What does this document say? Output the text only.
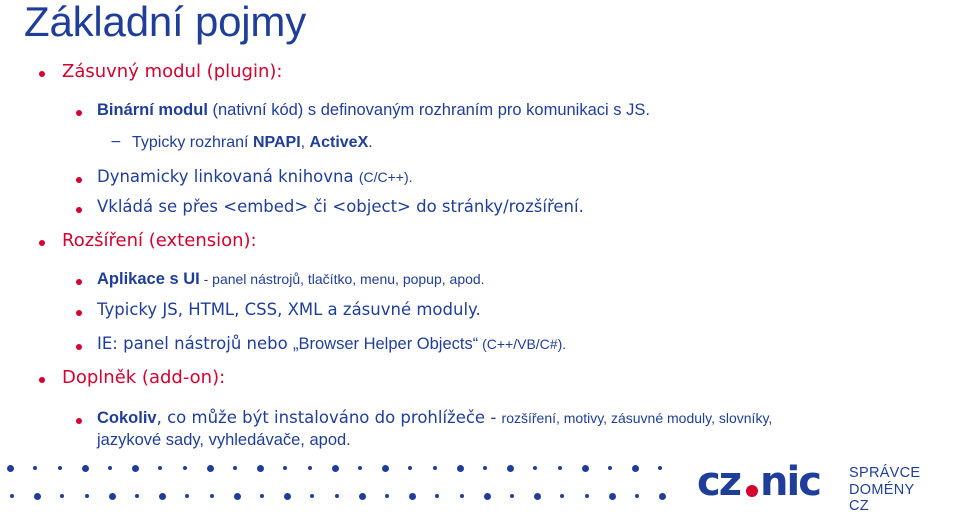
Základní pojmy
Zásuvný modul (plugin):
Binární modul (nativní kód) s definovaným rozhraním pro komunikaci s JS.
− Typicky rozhraní NPAPI, ActiveX.
Dynamicky linkovaná knihovna (C/C++).
Vkládá se přes <embed> či <object> do stránky/rozšíření.
Rozšíření (extension):
Aplikace s UI - panel nástrojů, tlačítko, menu, popup, apod.
Typicky JS, HTML, CSS, XML a zásuvné moduly.
IE: panel nástrojů nebo „Browser Helper Objects“ (C++/VB/C#).
Doplněk (add-on):
Cokoliv, co může být instalováno do prohlížeče - rozšíření, motivy, zásuvné moduly, slovníky,
jazykové sady, vyhledávače, apod.
cz nic SPRÁVCE
DOMÉNY CZ
